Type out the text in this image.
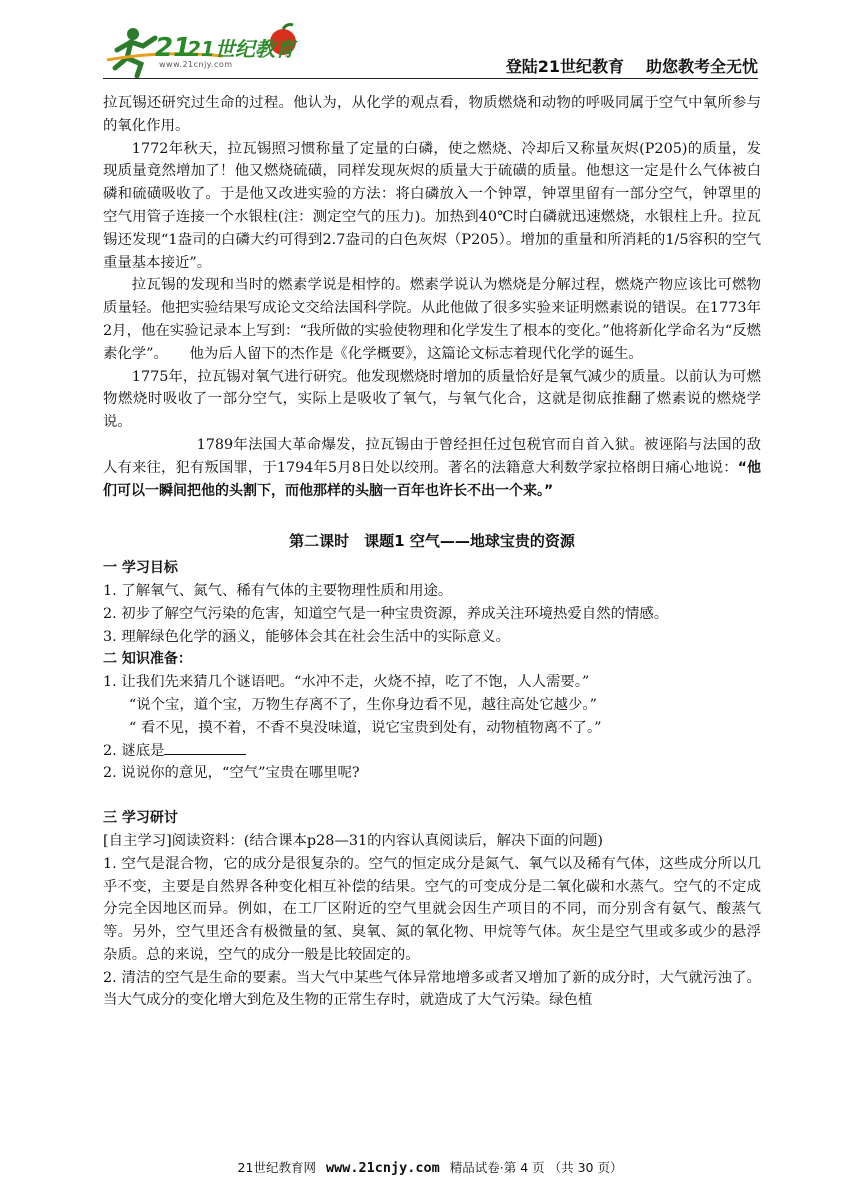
21
21世纪教育
www.21cnjy.com	登陆21世纪教育 助您教考全无忧

拉瓦锡还研究过生命的过程。他认为，从化学的观点看，物质燃烧和动物的呼吸同属于空气中氧所参与的氧化作用。

1772年秋天，拉瓦锡照习惯称量了定量的白磷，使之燃烧、冷却后又称量灰烬(P205)的质量，发现质量竟然增加了！他又燃烧硫磺，同样发现灰烬的质量大于硫磺的质量。他想这一定是什么气体被白磷和硫磺吸收了。于是他又改进实验的方法：将白磷放入一个钟罩，钟罩里留有一部分空气，钟罩里的空气用管子连接一个水银柱(注：测定空气的压力)。加热到40℃时白磷就迅速燃烧，水银柱上升。拉瓦锡还发现“1盎司的白磷大约可得到2.7盎司的白色灰烬（P205）。增加的重量和所消耗的1/5容积的空气重量基本接近”。

拉瓦锡的发现和当时的燃素学说是相悖的。燃素学说认为燃烧是分解过程，燃烧产物应该比可燃物质量轻。他把实验结果写成论文交给法国科学院。从此他做了很多实验来证明燃素说的错误。在1773年2月，他在实验记录本上写到：“我所做的实验使物理和化学发生了根本的变化。”他将新化学命名为“反燃素化学”。　　他为后人留下的杰作是《化学概要》，这篇论文标志着现代化学的诞生。

1775年，拉瓦锡对氧气进行研究。他发现燃烧时增加的质量恰好是氧气减少的质量。以前认为可燃物燃烧时吸收了一部分空气，实际上是吸收了氧气，与氧气化合，这就是彻底推翻了燃素说的燃烧学说。

1789年法国大革命爆发，拉瓦锡由于曾经担任过包税官而自首入狱。被诬陷与法国的敌人有来往，犯有叛国罪，于1794年5月8日处以绞刑。著名的法籍意大利数学家拉格朗日痛心地说：“他们可以一瞬间把他的头割下，而他那样的头脑一百年也许长不出一个来。”

第二课时　课题1 空气——地球宝贵的资源

一 学习目标

1. 了解氧气、氮气、稀有气体的主要物理性质和用途。

2. 初步了解空气污染的危害，知道空气是一种宝贵资源，养成关注环境热爱自然的情感。

3. 理解绿色化学的涵义，能够体会其在社会生活中的实际意义。

二 知识准备：

1. 让我们先来猜几个谜语吧。“水冲不走，火烧不掉，吃了不饱，人人需要。”

“说个宝，道个宝，万物生存离不了，生你身边看不见，越往高处它越少。”

“ 看不见，摸不着，不香不臭没味道，说它宝贵到处有，动物植物离不了。”

2. 谜底是

2. 说说你的意见，“空气”宝贵在哪里呢?

三 学习研讨

[自主学习]阅读资料：(结合课本p28—31的内容认真阅读后，解决下面的问题)

1. 空气是混合物，它的成分是很复杂的。空气的恒定成分是氮气、氧气以及稀有气体，这些成分所以几乎不变，主要是自然界各种变化相互补偿的结果。空气的可变成分是二氧化碳和水蒸气。空气的不定成分完全因地区而异。例如，在工厂区附近的空气里就会因生产项目的不同，而分别含有氨气、酸蒸气等。另外，空气里还含有极微量的氢、臭氧、氮的氧化物、甲烷等气体。灰尘是空气里或多或少的悬浮杂质。总的来说，空气的成分一般是比较固定的。

2. 清洁的空气是生命的要素。当大气中某些气体异常地增多或者又增加了新的成分时，大气就污浊了。当大气成分的变化增大到危及生物的正常生存时，就造成了大气污染。绿色植

21世纪教育网 www.21cnjy.com 精品试卷·第 4 页 （共 30 页）
